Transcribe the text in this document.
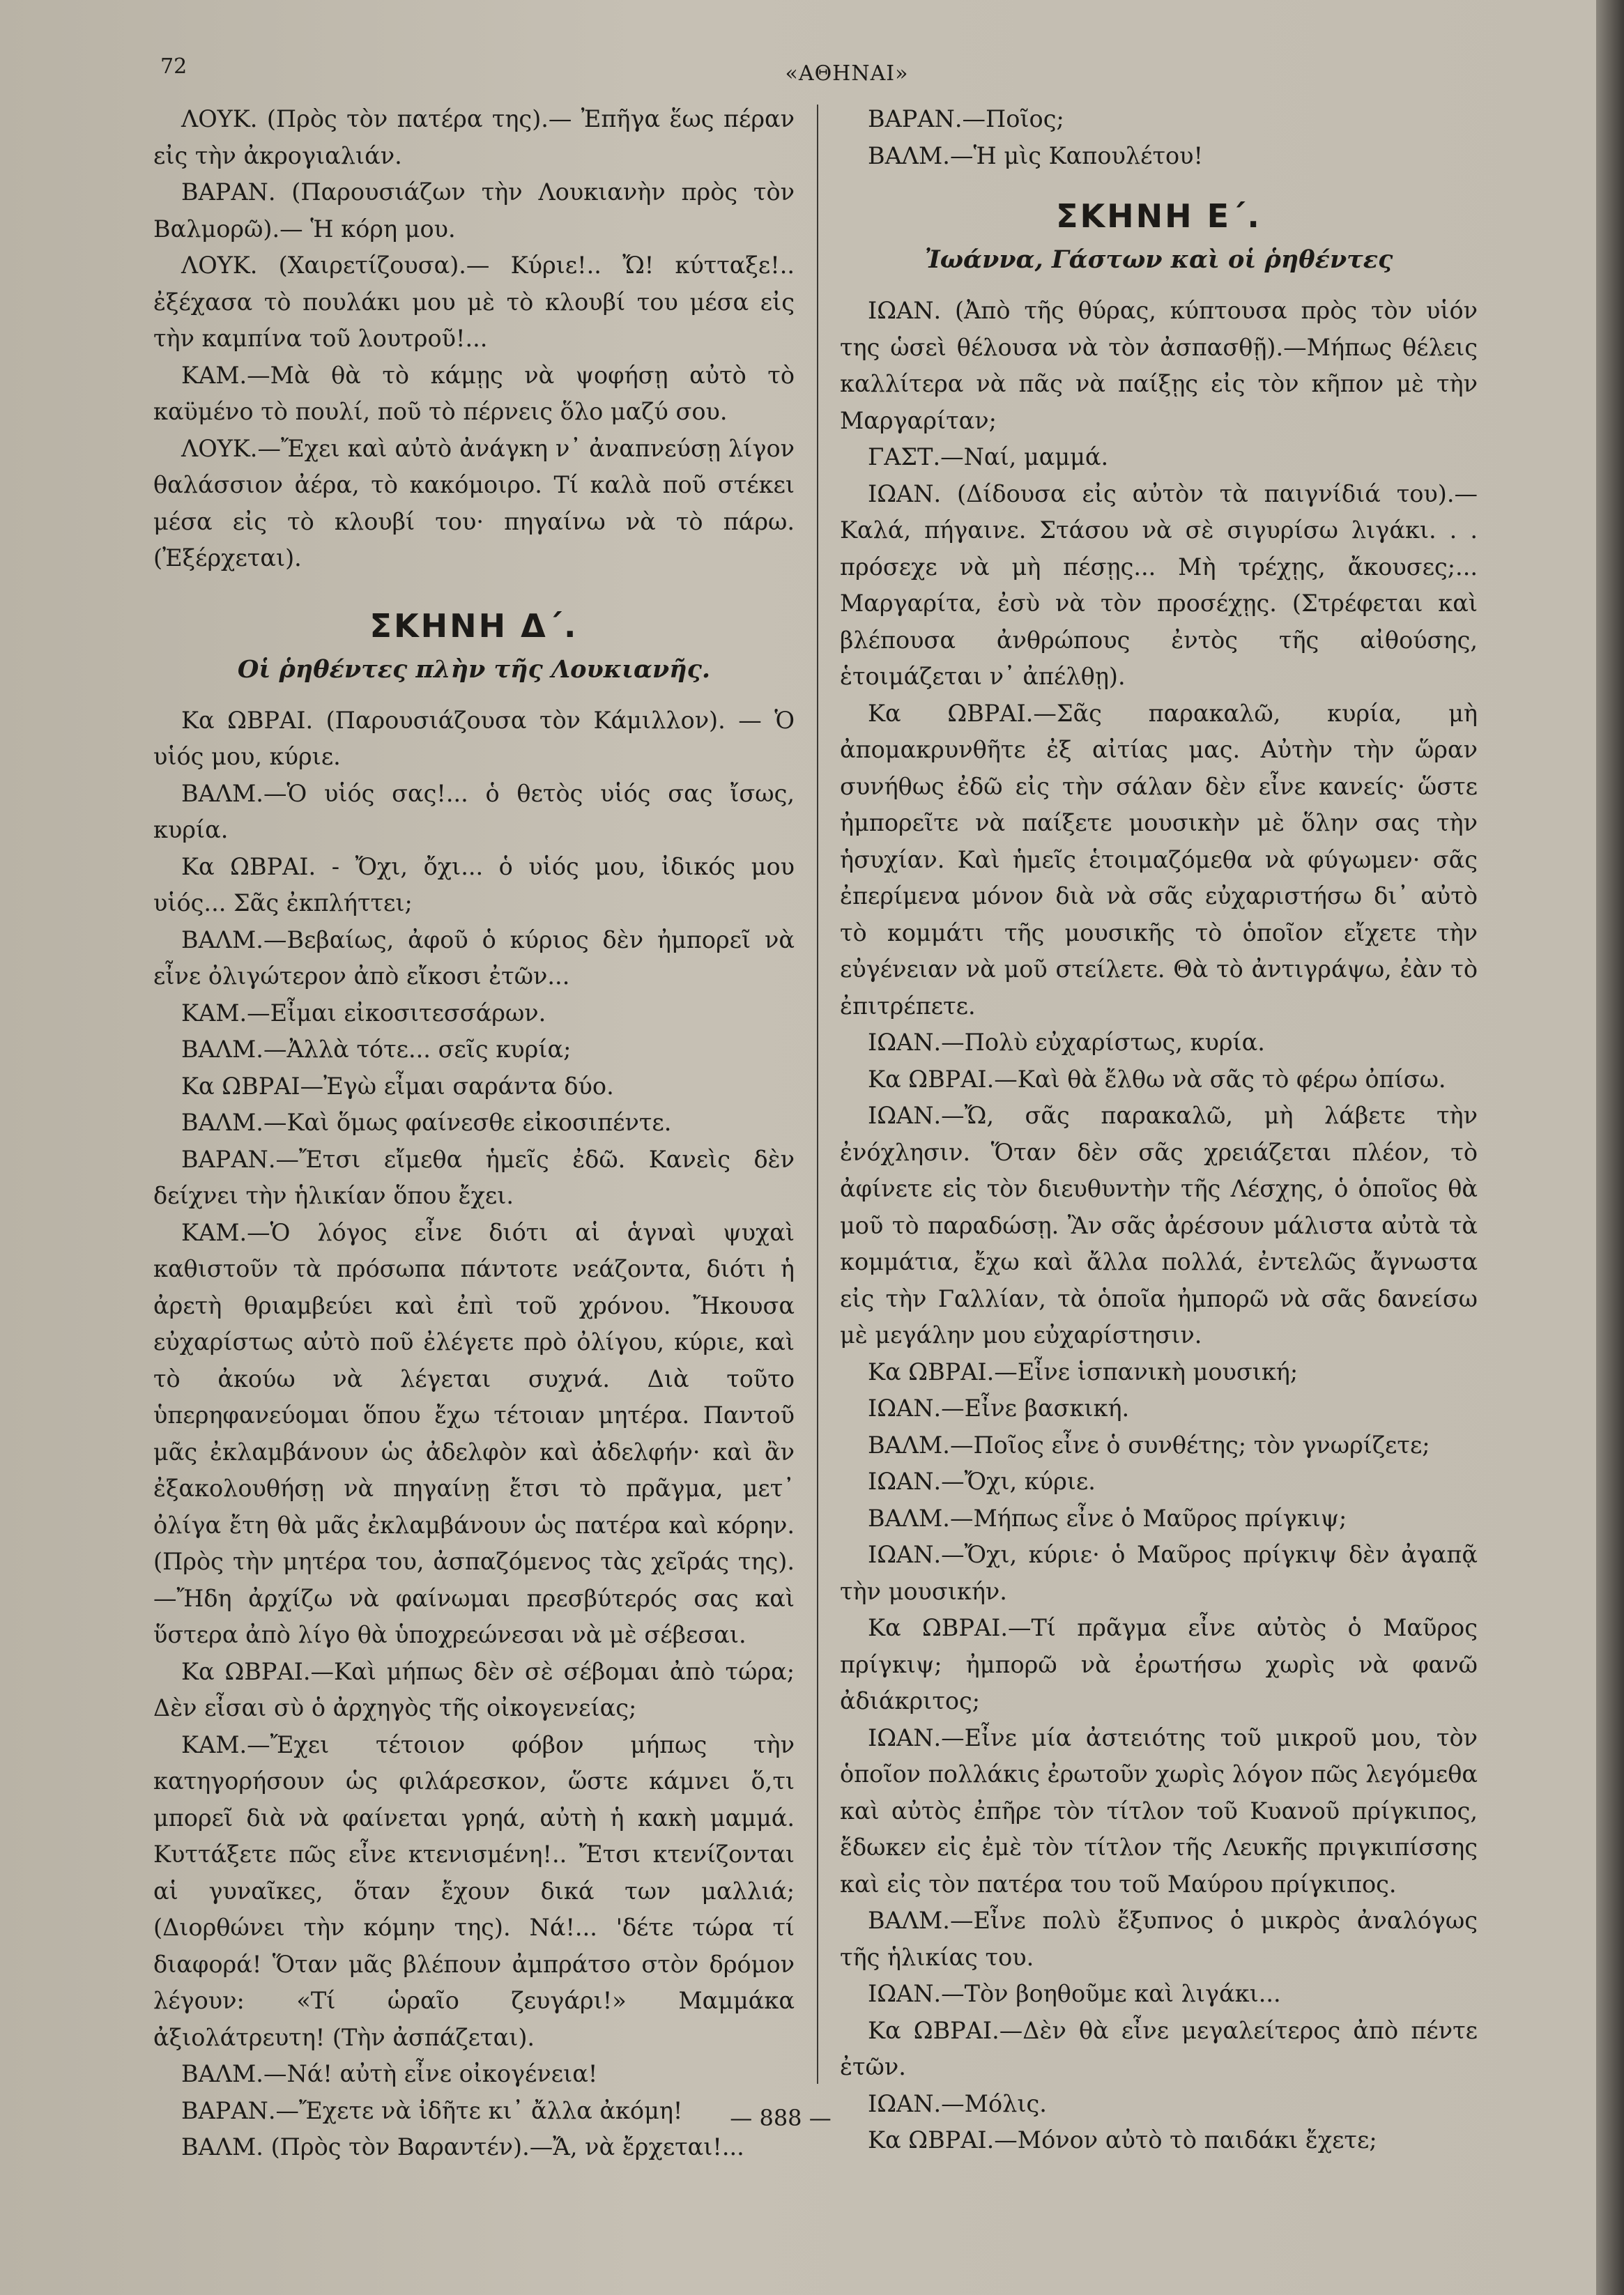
72	«ΑΘΗΝΑΙ»

ΛΟΥΚ. (Πρὸς τὸν πατέρα της).— Ἐπῆγα ἕως πέραν εἰς τὴν ἀκρογιαλιάν.

ΒΑΡΑΝ. (Παρουσιάζων τὴν Λουκιανὴν πρὸς τὸν Βαλμορῶ).— Ἡ κόρη μου.

ΛΟΥΚ. (Χαιρετίζουσα).— Κύριε!.. Ὤ! κύτταξε!.. ἐξέχασα τὸ πουλάκι μου μὲ τὸ κλουβί του μέσα εἰς τὴν καμπίνα τοῦ λουτροῦ!...

ΚΑΜ.—Μὰ θὰ τὸ κάμῃς νὰ ψοφήσῃ αὐτὸ τὸ καϋμένο τὸ πουλί, ποῦ τὸ πέρνεις ὅλο μαζύ σου.

ΛΟΥΚ.—Ἔχει καὶ αὐτὸ ἀνάγκη ν᾽ ἀναπνεύσῃ λίγον θαλάσσιον ἀέρα, τὸ κακόμοιρο. Τί καλὰ ποῦ στέκει μέσα εἰς τὸ κλουβί του· πηγαίνω νὰ τὸ πάρω. (Ἐξέρχεται).

ΣΚΗΝΗ Δ΄.
Οἱ ῥηθέντες πλὴν τῆς Λουκιανῆς.

Κα ΩΒΡΑΙ. (Παρουσιάζουσα τὸν Κάμιλλον). — Ὁ υἱός μου, κύριε.

ΒΑΛΜ.—Ὁ υἱός σας!... ὁ θετὸς υἱός σας ἴσως, κυρία.

Κα ΩΒΡΑΙ. - Ὄχι, ὄχι... ὁ υἱός μου, ἰδικός μου υἱός... Σᾶς ἐκπλήττει;

ΒΑΛΜ.—Βεβαίως, ἀφοῦ ὁ κύριος δὲν ἠμπορεῖ νὰ εἶνε ὀλιγώτερον ἀπὸ εἴκοσι ἐτῶν...

ΚΑΜ.—Εἶμαι εἰκοσιτεσσάρων.

ΒΑΛΜ.—Ἀλλὰ τότε... σεῖς κυρία;

Κα ΩΒΡΑΙ—Ἐγὼ εἶμαι σαράντα δύο.

ΒΑΛΜ.—Καὶ ὅμως φαίνεσθε εἰκοσιπέντε.

ΒΑΡΑΝ.—Ἔτσι εἴμεθα ἡμεῖς ἐδῶ. Κανεὶς δὲν δείχνει τὴν ἡλικίαν ὅπου ἔχει.

ΚΑΜ.—Ὁ λόγος εἶνε διότι αἱ ἁγναὶ ψυχαὶ καθιστοῦν τὰ πρόσωπα πάντοτε νεάζοντα, διότι ἡ ἀρετὴ θριαμβεύει καὶ ἐπὶ τοῦ χρόνου. Ἤκουσα εὐχαρίστως αὐτὸ ποῦ ἐλέγετε πρὸ ὀλίγου, κύριε, καὶ τὸ ἀκούω νὰ λέγεται συχνά. Διὰ τοῦτο ὑπερηφανεύομαι ὅπου ἔχω τέτοιαν μητέρα. Παντοῦ μᾶς ἐκλαμβάνουν ὡς ἀδελφὸν καὶ ἀδελφήν· καὶ ἂν ἐξακολουθήσῃ νὰ πηγαίνῃ ἔτσι τὸ πρᾶγμα, μετ᾽ ὀλίγα ἔτη θὰ μᾶς ἐκλαμβάνουν ὡς πατέρα καὶ κόρην. (Πρὸς τὴν μητέρα του, ἀσπαζόμενος τὰς χεῖράς της).—Ἤδη ἀρχίζω νὰ φαίνωμαι πρεσβύτερός σας καὶ ὕστερα ἀπὸ λίγο θὰ ὑποχρεώνεσαι νὰ μὲ σέβεσαι.

Κα ΩΒΡΑΙ.—Καὶ μήπως δὲν σὲ σέβομαι ἀπὸ τώρα; Δὲν εἶσαι σὺ ὁ ἀρχηγὸς τῆς οἰκογενείας;

ΚΑΜ.—Ἔχει τέτοιον φόβον μήπως τὴν κατηγορήσουν ὡς φιλάρεσκον, ὥστε κάμνει ὅ,τι μπορεῖ διὰ νὰ φαίνεται γρηά, αὐτὴ ἡ κακὴ μαμμά. Κυττάξετε πῶς εἶνε κτενισμένη!.. Ἔτσι κτενίζονται αἱ γυναῖκες, ὅταν ἔχουν δικά των μαλλιά; (Διορθώνει τὴν κόμην της). Νά!... 'δέτε τώρα τί διαφορά! Ὅταν μᾶς βλέπουν ἀμπράτσο στὸν δρόμον λέγουν: «Τί ὡραῖο ζευγάρι!» Μαμμάκα ἀξιολάτρευτη! (Τὴν ἀσπάζεται).

ΒΑΛΜ.—Νά! αὐτὴ εἶνε οἰκογένεια!

ΒΑΡΑΝ.—Ἔχετε νὰ ἰδῆτε κι᾽ ἄλλα ἀκόμη!

ΒΑΛΜ. (Πρὸς τὸν Βαραντέν).—Ἄ, νὰ ἔρχεται!...

ΒΑΡΑΝ.—Ποῖος;

ΒΑΛΜ.—Ἡ μὶς Καπουλέτου!

ΣΚΗΝΗ Ε΄.
Ἰωάννα, Γάστων καὶ οἱ ῥηθέντες

ΙΩΑΝ. (Ἀπὸ τῆς θύρας, κύπτουσα πρὸς τὸν υἱόν της ὡσεὶ θέλουσα νὰ τὸν ἀσπασθῇ).—Μήπως θέλεις καλλίτερα νὰ πᾶς νὰ παίξῃς εἰς τὸν κῆπον μὲ τὴν Μαργαρίταν;

ΓΑΣΤ.—Ναί, μαμμά.

ΙΩΑΝ. (Δίδουσα εἰς αὐτὸν τὰ παιγνίδιά του).—Καλά, πήγαινε. Στάσου νὰ σὲ σιγυρίσω λιγάκι. . . πρόσεχε νὰ μὴ πέσῃς... Μὴ τρέχῃς, ἄκουσες;... Μαργαρίτα, ἐσὺ νὰ τὸν προσέχῃς. (Στρέφεται καὶ βλέπουσα ἀνθρώπους ἐντὸς τῆς αἰθούσης, ἑτοιμάζεται ν᾽ ἀπέλθῃ).

Κα ΩΒΡΑΙ.—Σᾶς παρακαλῶ, κυρία, μὴ ἀπομακρυνθῆτε ἐξ αἰτίας μας. Αὐτὴν τὴν ὥραν συνήθως ἐδῶ εἰς τὴν σάλαν δὲν εἶνε κανείς· ὥστε ἠμπορεῖτε νὰ παίξετε μουσικὴν μὲ ὅλην σας τὴν ἡσυχίαν. Καὶ ἡμεῖς ἑτοιμαζόμεθα νὰ φύγωμεν· σᾶς ἐπερίμενα μόνον διὰ νὰ σᾶς εὐχαριστήσω δι᾽ αὐτὸ τὸ κομμάτι τῆς μουσικῆς τὸ ὁποῖον εἴχετε τὴν εὐγένειαν νὰ μοῦ στείλετε. Θὰ τὸ ἀντιγράψω, ἐὰν τὸ ἐπιτρέπετε.

ΙΩΑΝ.—Πολὺ εὐχαρίστως, κυρία.

Κα ΩΒΡΑΙ.—Καὶ θὰ ἔλθω νὰ σᾶς τὸ φέρω ὀπίσω.

ΙΩΑΝ.—Ὤ, σᾶς παρακαλῶ, μὴ λάβετε τὴν ἐνόχλησιν. Ὅταν δὲν σᾶς χρειάζεται πλέον, τὸ ἀφίνετε εἰς τὸν διευθυντὴν τῆς Λέσχης, ὁ ὁποῖος θὰ μοῦ τὸ παραδώσῃ. Ἂν σᾶς ἀρέσουν μάλιστα αὐτὰ τὰ κομμάτια, ἔχω καὶ ἄλλα πολλά, ἐντελῶς ἄγνωστα εἰς τὴν Γαλλίαν, τὰ ὁποῖα ἠμπορῶ νὰ σᾶς δανείσω μὲ μεγάλην μου εὐχαρίστησιν.

Κα ΩΒΡΑΙ.—Εἶνε ἱσπανικὴ μουσική;

ΙΩΑΝ.—Εἶνε βασκική.

ΒΑΛΜ.—Ποῖος εἶνε ὁ συνθέτης; τὸν γνωρίζετε;

ΙΩΑΝ.—Ὄχι, κύριε.

ΒΑΛΜ.—Μήπως εἶνε ὁ Μαῦρος πρίγκιψ;

ΙΩΑΝ.—Ὄχι, κύριε· ὁ Μαῦρος πρίγκιψ δὲν ἀγαπᾷ τὴν μουσικήν.

Κα ΩΒΡΑΙ.—Τί πρᾶγμα εἶνε αὐτὸς ὁ Μαῦρος πρίγκιψ; ἠμπορῶ νὰ ἐρωτήσω χωρὶς νὰ φανῶ ἀδιάκριτος;

ΙΩΑΝ.—Εἶνε μία ἀστειότης τοῦ μικροῦ μου, τὸν ὁποῖον πολλάκις ἐρωτοῦν χωρὶς λόγον πῶς λεγόμεθα καὶ αὐτὸς ἐπῆρε τὸν τίτλον τοῦ Κυανοῦ πρίγκιπος, ἔδωκεν εἰς ἐμὲ τὸν τίτλον τῆς Λευκῆς πριγκιπίσσης καὶ εἰς τὸν πατέρα του τοῦ Μαύρου πρίγκιπος.

ΒΑΛΜ.—Εἶνε πολὺ ἔξυπνος ὁ μικρὸς ἀναλόγως τῆς ἡλικίας του.

ΙΩΑΝ.—Τὸν βοηθοῦμε καὶ λιγάκι...

Κα ΩΒΡΑΙ.—Δὲν θὰ εἶνε μεγαλείτερος ἀπὸ πέντε ἐτῶν.

ΙΩΑΝ.—Μόλις.

Κα ΩΒΡΑΙ.—Μόνον αὐτὸ τὸ παιδάκι ἔχετε;

— 888 —
